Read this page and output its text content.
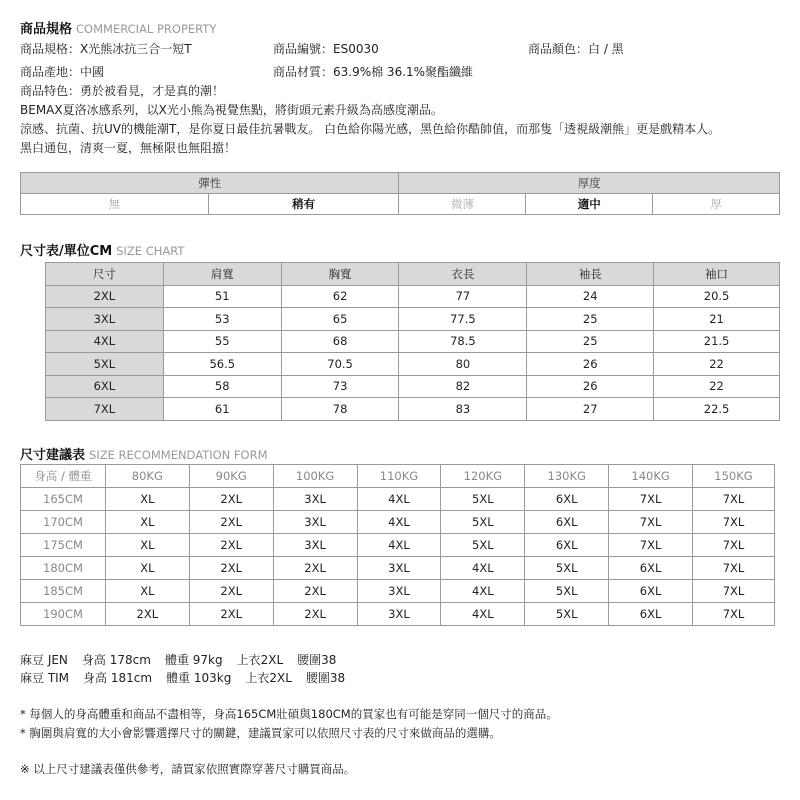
商品規格 COMMERCIAL PROPERTY
商品規格：X光熊冰抗三合一短T	商品編號：ES0030	商品顏色：白 / 黑
商品產地：中國	商品材質：63.9%棉 36.1%聚酯纖維
商品特色：勇於被看見，才是真的潮！
BEMAX夏洛冰感系列，以X光小熊為視覺焦點，將街頭元素升級為高感度潮品。
涼感、抗菌、抗UV的機能潮T，是你夏日最佳抗暑戰友。 白色給你陽光感，黑色給你酷帥值，而那隻「透視級潮熊」更是戲精本人。
黑白通包，清爽一夏，無極限也無阻擋！
彈性		厚度		
無	稍有	微薄	適中	厚
尺寸表/單位CM SIZE CHART
尺寸	肩寬	胸寬	衣長	袖長	袖口
2XL	51	62	77	24	20.5
3XL	53	65	77.5	25	21
4XL	55	68	78.5	25	21.5
5XL	56.5	70.5	80	26	22
6XL	58	73	82	26	22
7XL	61	78	83	27	22.5
尺寸建議表 SIZE RECOMMENDATION FORM
身高 / 體重	80KG	90KG	100KG	110KG	120KG	130KG	140KG	150KG
165CM	XL	2XL	3XL	4XL	5XL	6XL	7XL	7XL
170CM	XL	2XL	3XL	4XL	5XL	6XL	7XL	7XL
175CM	XL	2XL	3XL	4XL	5XL	6XL	7XL	7XL
180CM	XL	2XL	2XL	3XL	4XL	5XL	6XL	7XL
185CM	XL	2XL	2XL	3XL	4XL	5XL	6XL	7XL
190CM	2XL	2XL	2XL	3XL	4XL	5XL	6XL	7XL
麻豆 JEN 身高 178cm 體重 97kg 上衣2XL 腰圍38
麻豆 TIM 身高 181cm 體重 103kg 上衣2XL 腰圍38
* 每個人的身高體重和商品不盡相等，身高165CM壯碩與180CM的買家也有可能是穿同一個尺寸的商品。
* 胸圍與肩寬的大小會影響選擇尺寸的關鍵，建議買家可以依照尺寸表的尺寸來做商品的選購。
※ 以上尺寸建議表僅供參考，請買家依照實際穿著尺寸購買商品。
